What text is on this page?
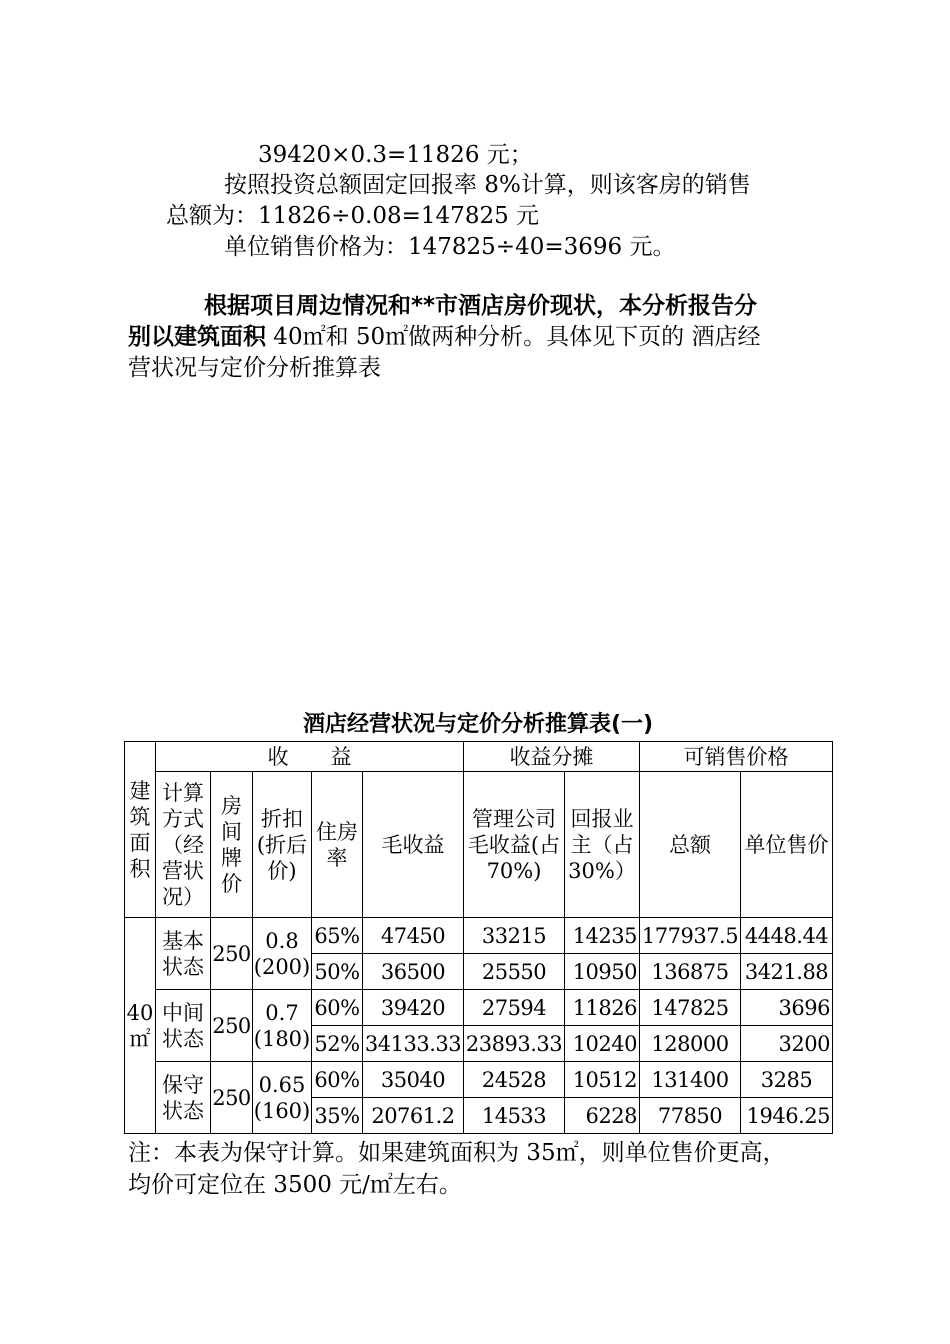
39420×0.3=11826 元；
按照投资总额固定回报率 8%计算，则该客房的销售
总额为：11826÷0.08=147825 元
单位销售价格为：147825÷40=3696 元。
根据项目周边情况和**市酒店房价现状，本分析报告分
别以建筑面积 40㎡和 50㎡做两种分析。具体见下页的 酒店经
营状况与定价分析推算表
酒店经营状况与定价分析推算表(一)
建筑面积	收　　益					收益分摊		可销售价格	
	计算方式（经营状况）	房间牌价	折扣(折后价)	住房率	毛收益	管理公司毛收益(占 70%)	回报业主（占30%）	总额	单位售价
40㎡	基本状态	250	0.8 (200)	65%	47450	33215	14235	177937.5	4448.44
				50%	36500	25550	10950	136875	3421.88
	中间状态	250	0.7 (180)	60%	39420	27594	11826	147825	3696
				52%	34133.33	23893.33	10240	128000	3200
	保守状态	250	0.65 (160)	60%	35040	24528	10512	131400	3285
				35%	20761.2	14533	6228	77850	1946.25
注：本表为保守计算。如果建筑面积为 35㎡，则单位售价更高，
均价可定位在 3500 元/㎡左右。
